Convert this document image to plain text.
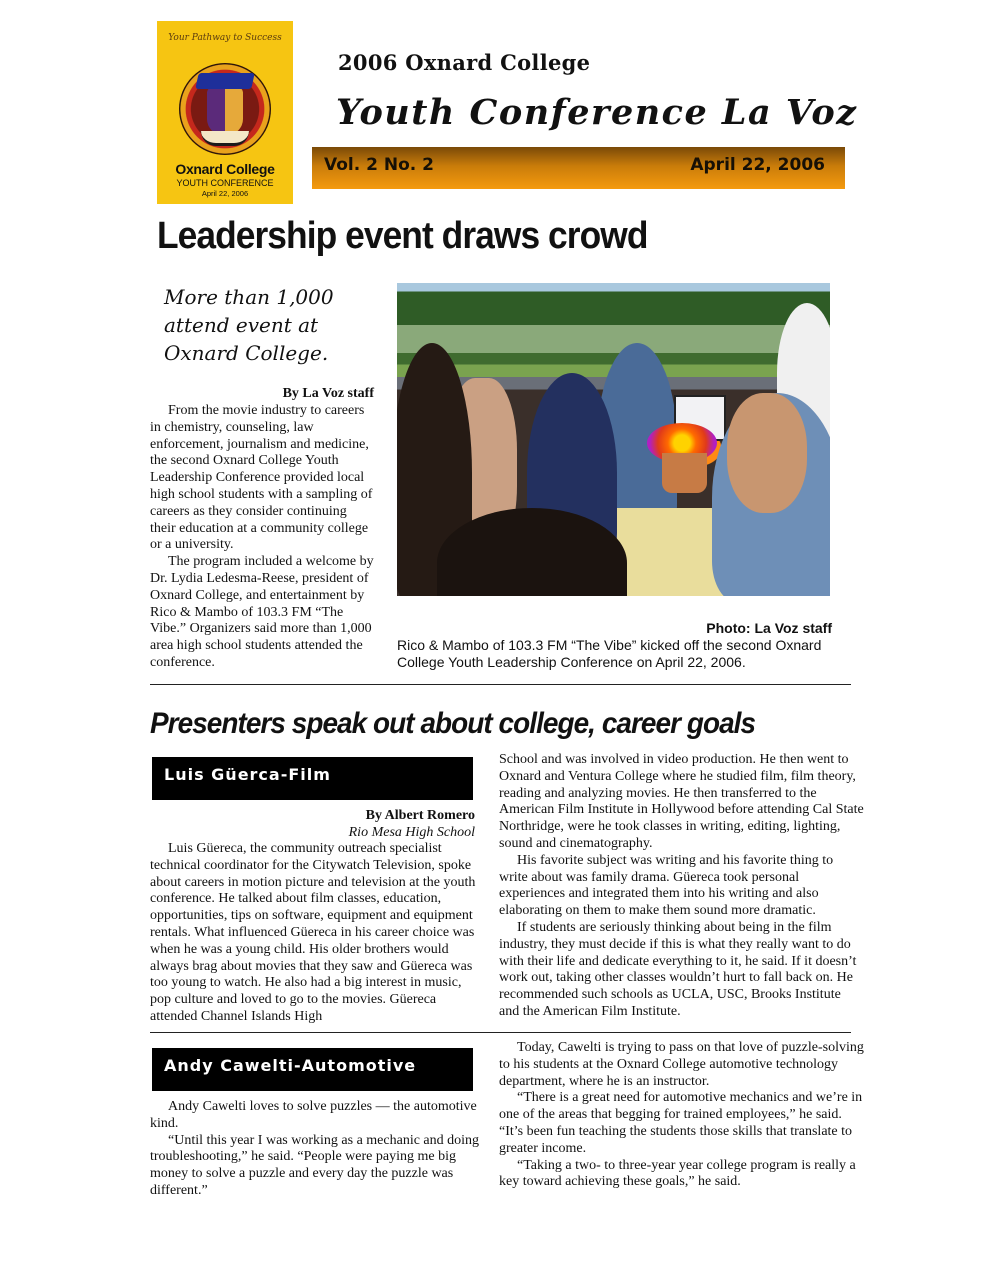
Your Pathway to Success
Oxnard College
YOUTH CONFERENCE
April 22, 2006
2006 Oxnard College
Youth Conference La Voz
Vol. 2 No. 2	April 22, 2006
Leadership event draws crowd
More than 1,000 attend event at Oxnard College.
By La Voz staff

From the movie industry to careers in chemistry, counseling, law enforcement, journalism and medicine, the second Oxnard College Youth Leadership Conference provided local high school students with a sampling of careers as they consider continuing their education at a community college or a university.

The program included a welcome by Dr. Lydia Ledesma-Reese, president of Oxnard College, and entertainment by Rico & Mambo of 103.3 FM “The Vibe.” Organizers said more than 1,000 area high school students attended the conference.

Photo: La Voz staff
Rico & Mambo of 103.3 FM “The Vibe” kicked off the second Oxnard College Youth Leadership Conference on April 22, 2006.
Presenters speak out about college, career goals
Luis Güerca-Film
By Albert Romero
Rio Mesa High School

Luis Güereca, the community outreach specialist technical coordinator for the Citywatch Television, spoke about careers in motion picture and television at the youth conference. He talked about film classes, education, opportunities, tips on software, equipment and equipment rentals. What influenced Güereca in his career choice was when he was a young child. His older brothers would always brag about movies that they saw and Güereca was too young to watch. He also had a big interest in music, pop culture and loved to go to the movies. Güereca attended Channel Islands High

School and was involved in video production. He then went to Oxnard and Ventura College where he studied film, film theory, reading and analyzing movies. He then transferred to the American Film Institute in Hollywood before attending Cal State Northridge, were he took classes in writing, editing, lighting, sound and cinematography.

His favorite subject was writing and his favorite thing to write about was family drama. Güereca took personal experiences and integrated them into his writing and also elaborating on them to make them sound more dramatic.

If students are seriously thinking about being in the film industry, they must decide if this is what they really want to do with their life and dedicate everything to it, he said. If it doesn’t work out, taking other classes wouldn’t hurt to fall back on. He recommended such schools as UCLA, USC, Brooks Institute and the American Film Institute.

Andy Cawelti-Automotive

Andy Cawelti loves to solve puzzles — the automotive kind.

“Until this year I was working as a mechanic and doing troubleshooting,” he said. “People were paying me big money to solve a puzzle and every day the puzzle was different.”

Today, Cawelti is trying to pass on that love of puzzle-solving to his students at the Oxnard College automotive technology department, where he is an instructor.

“There is a great need for automotive mechanics and we’re in one of the areas that begging for trained employees,” he said. “It’s been fun teaching the students those skills that translate to greater income.

“Taking a two- to three-year year college program is really a key toward achieving these goals,” he said.
